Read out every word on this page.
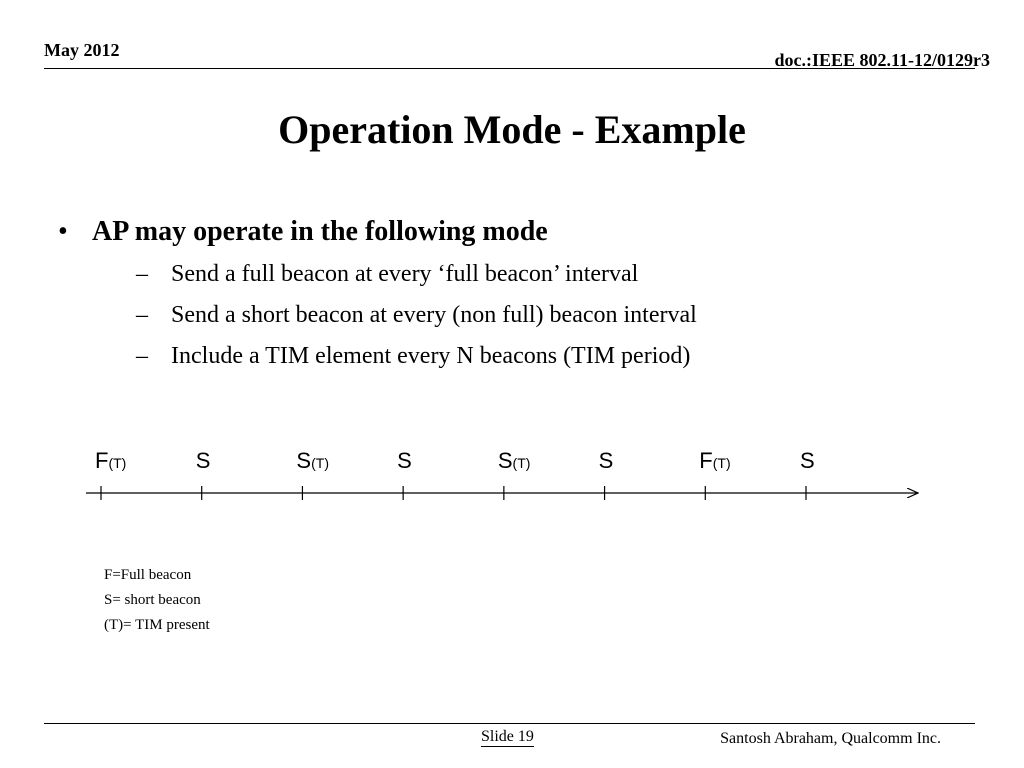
May 2012	doc.:IEEE 802.11-12/0129r3
Operation Mode - Example
• AP may operate in the following mode
– Send a full beacon at every ‘full beacon’ interval
– Send a short beacon at every (non full) beacon interval
– Include a TIM element every N beacons (TIM period)
F(T)	S	S(T)	S	S(T)	S	F(T)	S
F=Full beacon
S= short beacon
(T)= TIM present
Slide 19	Santosh Abraham, Qualcomm Inc.
